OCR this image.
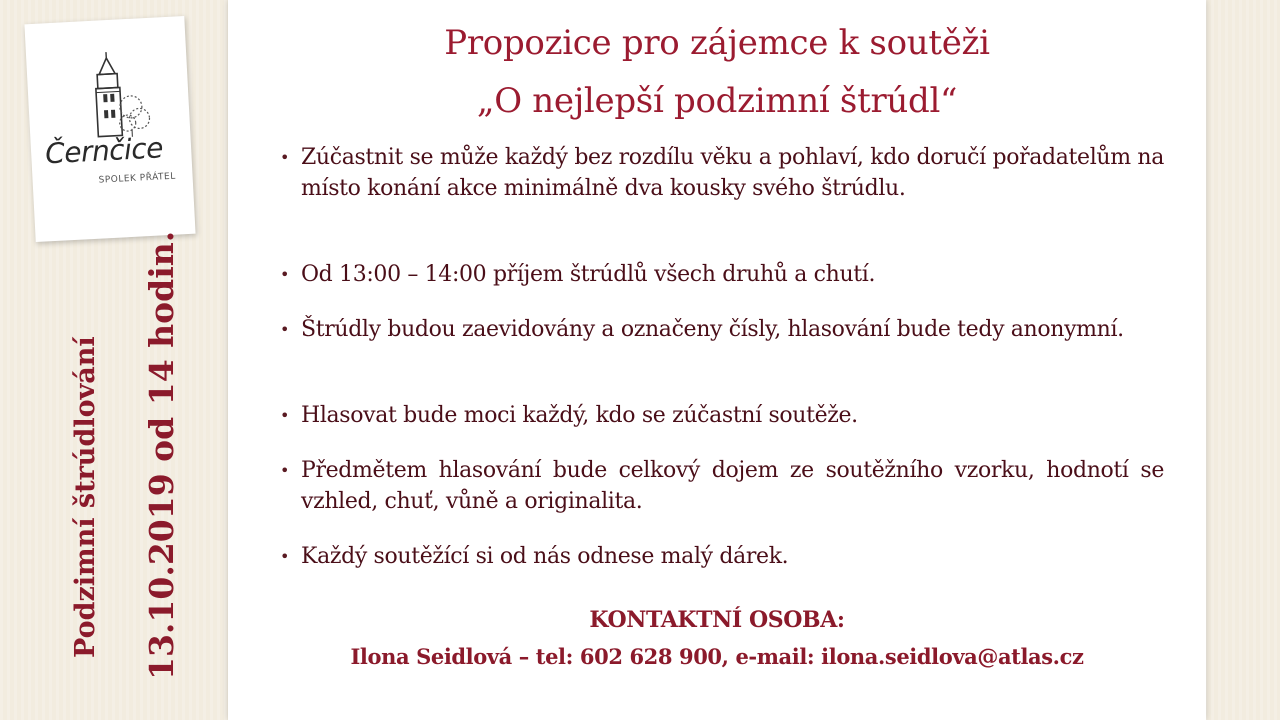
Černčice
SPOLEK PŘÁTEL
Podzimní štrúdlování 13.10.2019 od 14 hodin.
Propozice pro zájemce k soutěži
„O nejlepší podzimní štrúdl“
• Zúčastnit se může každý bez rozdílu věku a pohlaví, kdo doručí pořadatelům na místo konání akce minimálně dva kousky svého štrúdlu.
• Od 13:00 – 14:00 příjem štrúdlů všech druhů a chutí.
• Štrúdly budou zaevidovány a označeny čísly, hlasování bude tedy anonymní.
• Hlasovat bude moci každý, kdo se zúčastní soutěže.
• Předmětem hlasování bude celkový dojem ze soutěžního vzorku, hodnotí se vzhled, chuť, vůně a originalita.
• Každý soutěžící si od nás odnese malý dárek.
KONTAKTNÍ OSOBA:
Ilona Seidlová – tel: 602 628 900, e-mail: ilona.seidlova@atlas.cz
